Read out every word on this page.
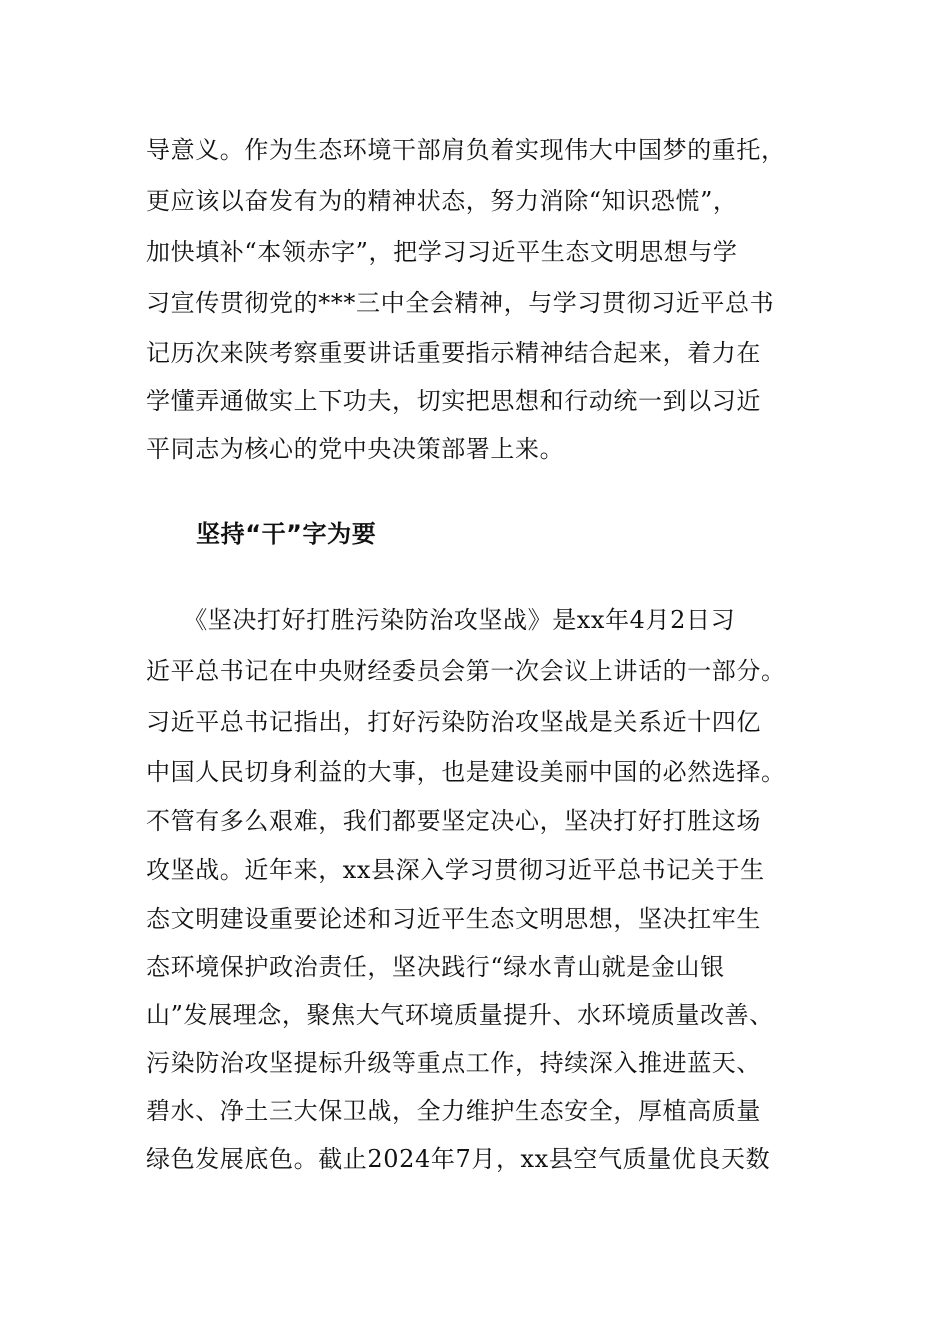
导意义。作为生态环境干部肩负着实现伟大中国梦的重托，
更应该以奋发有为的精神状态，努力消除“知识恐慌”，
加快填补“本领赤字”，把学习习近平生态文明思想与学
习宣传贯彻党的***三中全会精神，与学习贯彻习近平总书
记历次来陕考察重要讲话重要指示精神结合起来，着力在
学懂弄通做实上下功夫，切实把思想和行动统一到以习近
平同志为核心的党中央决策部署上来。
坚持“干”字为要
　　《坚决打好打胜污染防治攻坚战》是xx年4月2日习
近平总书记在中央财经委员会第一次会议上讲话的一部分。
习近平总书记指出，打好污染防治攻坚战是关系近十四亿
中国人民切身利益的大事，也是建设美丽中国的必然选择。
不管有多么艰难，我们都要坚定决心，坚决打好打胜这场
攻坚战。近年来，xx县深入学习贯彻习近平总书记关于生
态文明建设重要论述和习近平生态文明思想，坚决扛牢生
态环境保护政治责任，坚决践行“绿水青山就是金山银
山”发展理念，聚焦大气环境质量提升、水环境质量改善、
污染防治攻坚提标升级等重点工作，持续深入推进蓝天、
碧水、净土三大保卫战，全力维护生态安全，厚植高质量
绿色发展底色。截止2024年7月，xx县空气质量优良天数
